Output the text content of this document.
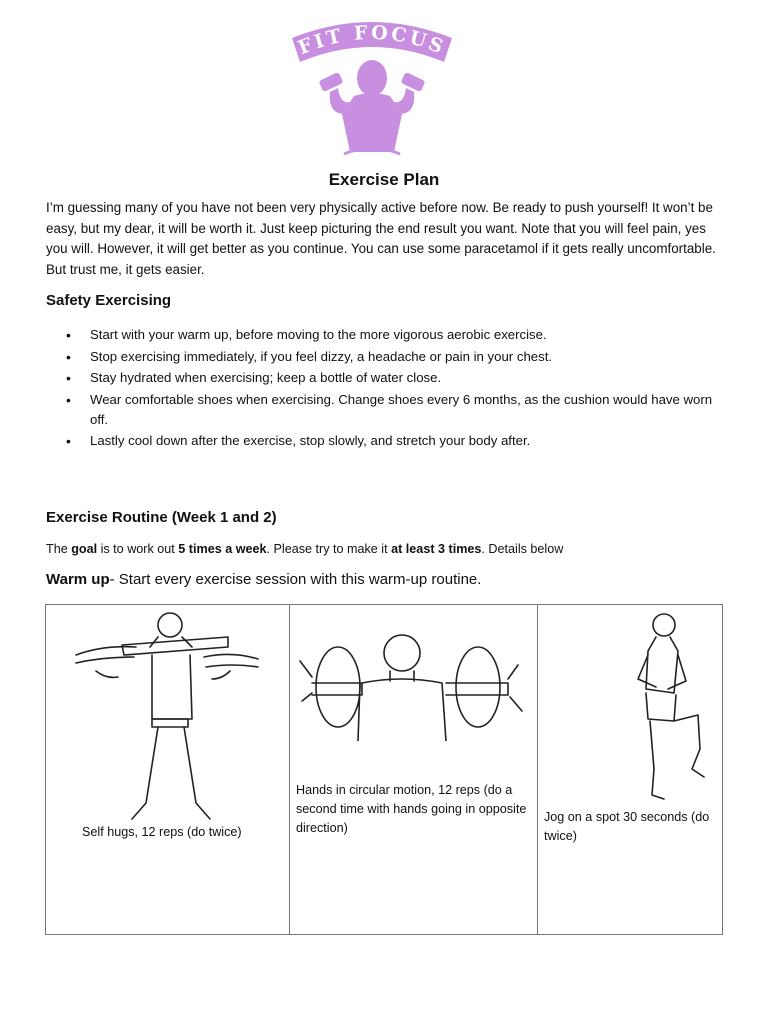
FIT FOCUS
Exercise Plan

I’m guessing many of you have not been very physically active before now. Be ready to push yourself! It won’t be easy, but my dear, it will be worth it. Just keep picturing the end result you want. Note that you will feel pain, yes you will. However, it will get better as you continue. You can use some paracetamol if it gets really uncomfortable. But trust me, it gets easier.

Safety Exercising
• Start with your warm up, before moving to the more vigorous aerobic exercise.
• Stop exercising immediately, if you feel dizzy, a headache or pain in your chest.
• Stay hydrated when exercising; keep a bottle of water close.
• Wear comfortable shoes when exercising. Change shoes every 6 months, as the cushion would have worn off.
• Lastly cool down after the exercise, stop slowly, and stretch your body after.
Exercise Routine (Week 1 and 2)
The goal is to work out 5 times a week. Please try to make it at least 3 times. Details below
Warm up- Start every exercise session with this warm-up routine.
Self hugs, 12 reps (do twice)
Hands in circular motion, 12 reps (do a second time with hands going in opposite direction)
Jog on a spot 30 seconds (do twice)
